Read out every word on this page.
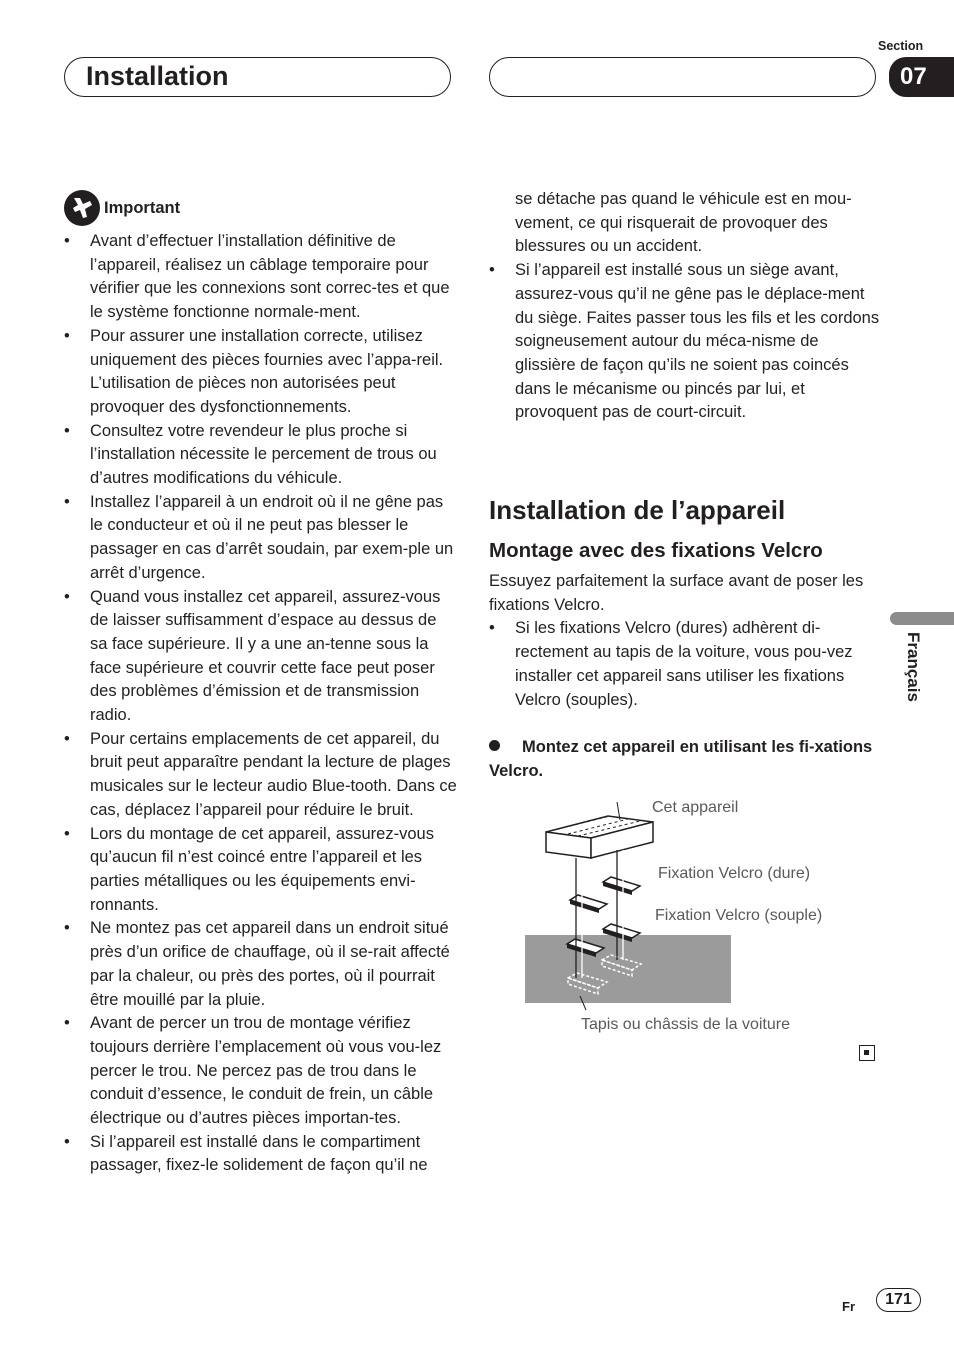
Installation
Section
07
Français
Important
• Avant d’effectuer l’installation définitive de l’appareil, réalisez un câblage temporaire pour vérifier que les connexions sont correc-tes et que le système fonctionne normale-ment.
• Pour assurer une installation correcte, utilisez uniquement des pièces fournies avec l’appa-reil. L’utilisation de pièces non autorisées peut provoquer des dysfonctionnements.
• Consultez votre revendeur le plus proche si l’installation nécessite le percement de trous ou d’autres modifications du véhicule.
• Installez l’appareil à un endroit où il ne gêne pas le conducteur et où il ne peut pas blesser le passager en cas d’arrêt soudain, par exem-ple un arrêt d’urgence.
• Quand vous installez cet appareil, assurez-vous de laisser suffisamment d’espace au dessus de sa face supérieure. Il y a une an-tenne sous la face supérieure et couvrir cette face peut poser des problèmes d’émission et de transmission radio.
• Pour certains emplacements de cet appareil, du bruit peut apparaître pendant la lecture de plages musicales sur le lecteur audio Blue-tooth. Dans ce cas, déplacez l’appareil pour réduire le bruit.
• Lors du montage de cet appareil, assurez-vous qu’aucun fil n’est coincé entre l’appareil et les parties métalliques ou les équipements envi-ronnants.
• Ne montez pas cet appareil dans un endroit situé près d’un orifice de chauffage, où il se-rait affecté par la chaleur, ou près des portes, où il pourrait être mouillé par la pluie.
• Avant de percer un trou de montage vérifiez toujours derrière l’emplacement où vous vou-lez percer le trou. Ne percez pas de trou dans le conduit d’essence, le conduit de frein, un câble électrique ou d’autres pièces importan-tes.
• Si l’appareil est installé dans le compartiment passager, fixez-le solidement de façon qu’il ne
se détache pas quand le véhicule est en mou-vement, ce qui risquerait de provoquer des blessures ou un accident.
• Si l’appareil est installé sous un siège avant, assurez-vous qu’il ne gêne pas le déplace-ment du siège. Faites passer tous les fils et les cordons soigneusement autour du méca-nisme de glissière de façon qu’ils ne soient pas coincés dans le mécanisme ou pincés par lui, et provoquent pas de court-circuit.
Installation de l’appareil
Montage avec des fixations Velcro

Essuyez parfaitement la surface avant de poser les fixations Velcro.

• Si les fixations Velcro (dures) adhèrent di-rectement au tapis de la voiture, vous pou-vez installer cet appareil sans utiliser les fixations Velcro (souples).
Montez cet appareil en utilisant les fi-xations Velcro.
Cet appareil
Fixation Velcro (dure)
Fixation Velcro (souple)
Tapis ou châssis de la voiture
Fr	171
